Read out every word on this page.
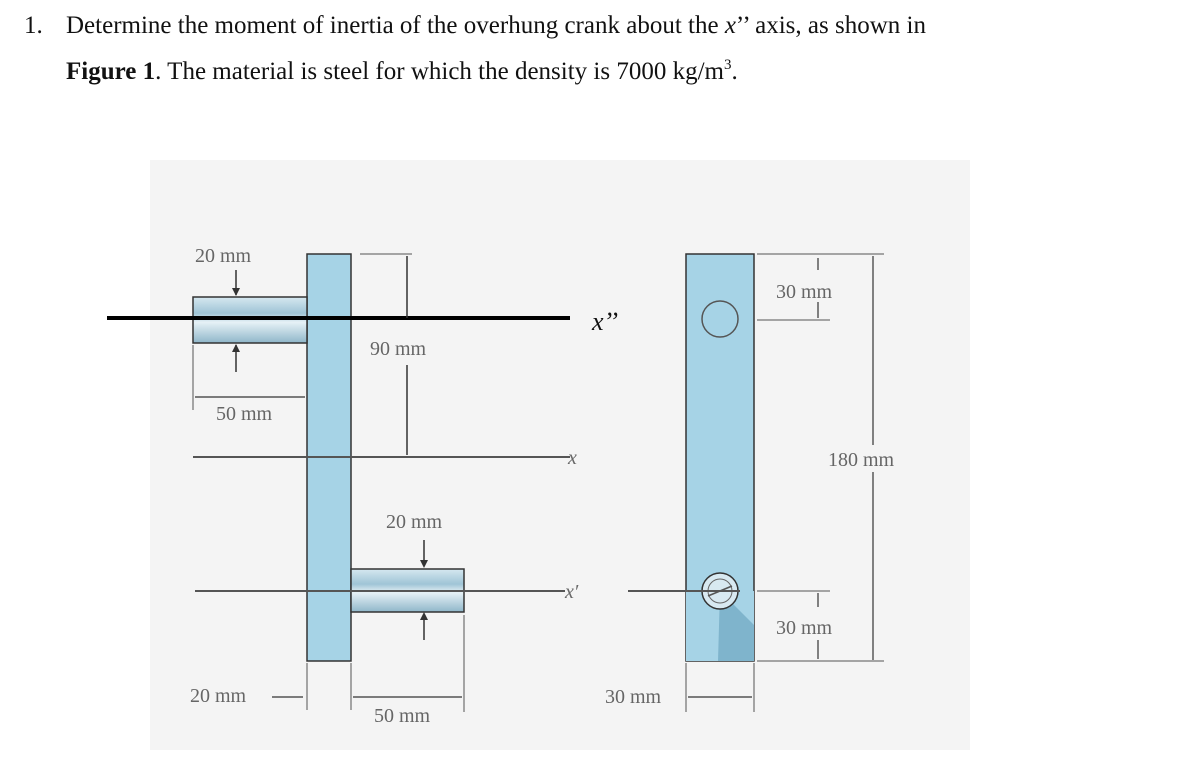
1. Determine the moment of inertia of the overhung crank about the x’’ axis, as shown in
Figure 1. The material is steel for which the density is 7000 $kg/m^3$.
20 mm
90 mm
50 mm
20 mm
x
x′
x’’
20 mm
50 mm
30 mm
180 mm
30 mm
30 mm
